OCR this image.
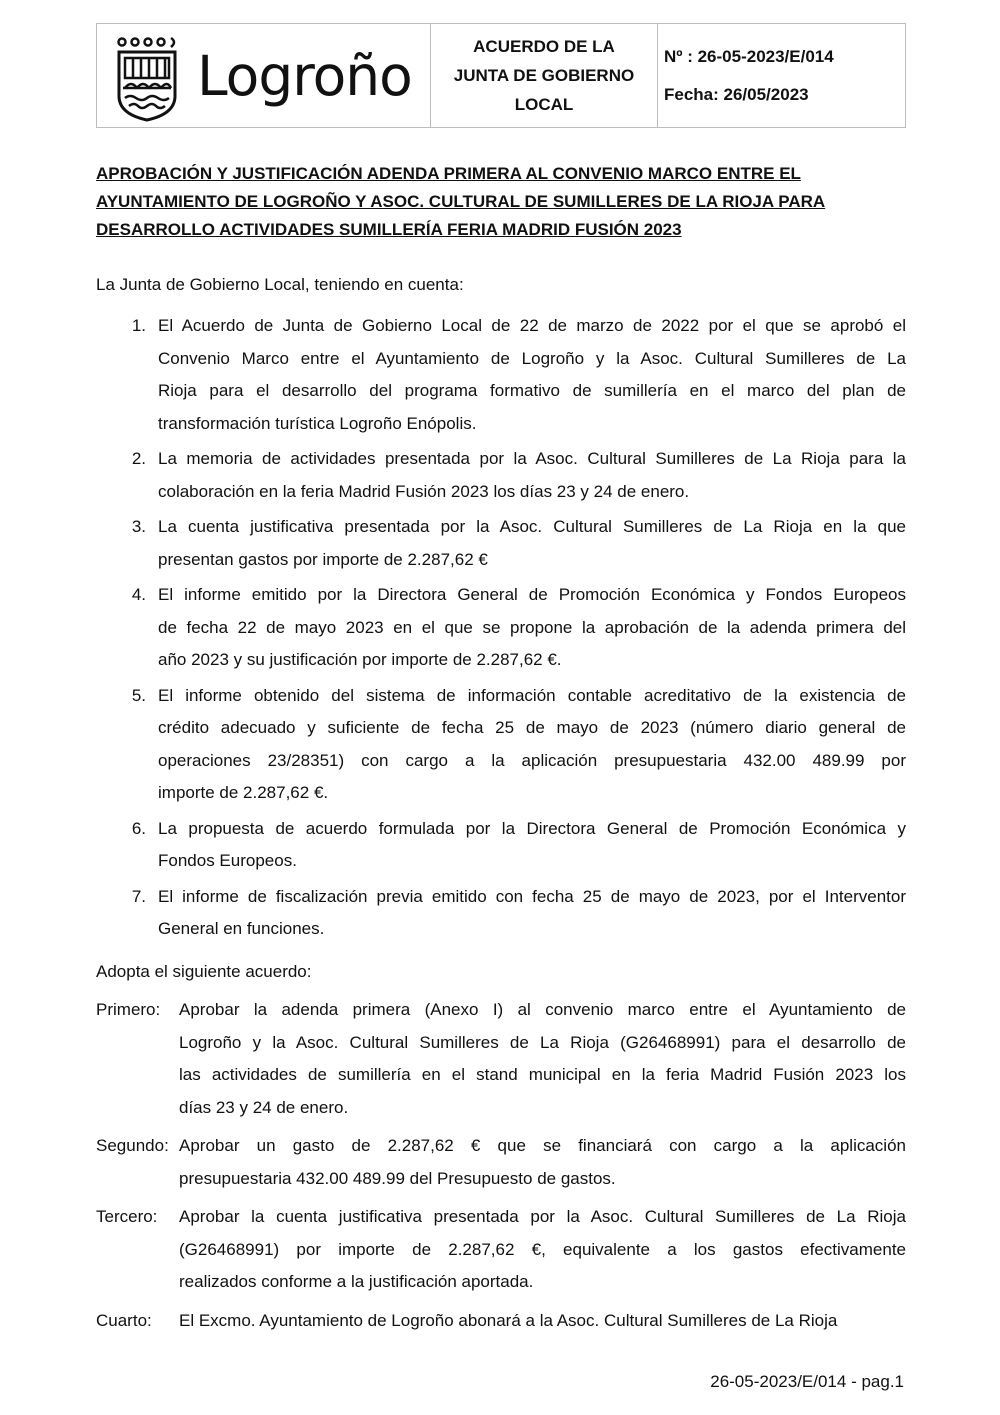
Logroño	ACUERDO DE LA
JUNTA DE GOBIERNO
LOCAL
Nº : 26-05-2023/E/014
Fecha: 26/05/2023
APROBACIÓN Y JUSTIFICACIÓN ADENDA PRIMERA AL CONVENIO MARCO ENTRE EL
AYUNTAMIENTO DE LOGROÑO Y ASOC. CULTURAL DE SUMILLERES DE LA RIOJA PARA
DESARROLLO ACTIVIDADES SUMILLERÍA FERIA MADRID FUSIÓN 2023
La Junta de Gobierno Local, teniendo en cuenta:
1. El Acuerdo de Junta de Gobierno Local de 22 de marzo de 2022 por el que se aprobó el
Convenio Marco entre el Ayuntamiento de Logroño y la Asoc. Cultural Sumilleres de La
Rioja para el desarrollo del programa formativo de sumillería en el marco del plan de
transformación turística Logroño Enópolis.
2. La memoria de actividades presentada por la Asoc. Cultural Sumilleres de La Rioja para la
colaboración en la feria Madrid Fusión 2023 los días 23 y 24 de enero.
3. La cuenta justificativa presentada por la Asoc. Cultural Sumilleres de La Rioja en la que
presentan gastos por importe de 2.287,62 €
4. El informe emitido por la Directora General de Promoción Económica y Fondos Europeos
de fecha 22 de mayo 2023 en el que se propone la aprobación de la adenda primera del
año 2023 y su justificación por importe de 2.287,62 €.
5. El informe obtenido del sistema de información contable acreditativo de la existencia de
crédito adecuado y suficiente de fecha 25 de mayo de 2023 (número diario general de
operaciones 23/28351) con cargo a la aplicación presupuestaria 432.00 489.99 por
importe de 2.287,62 €.
6. La propuesta de acuerdo formulada por la Directora General de Promoción Económica y
Fondos Europeos.
7. El informe de fiscalización previa emitido con fecha 25 de mayo de 2023, por el Interventor
General en funciones.
Adopta el siguiente acuerdo:
Primero:	Aprobar la adenda primera (Anexo I) al convenio marco entre el Ayuntamiento de
Logroño y la Asoc. Cultural Sumilleres de La Rioja (G26468991) para el desarrollo de
las actividades de sumillería en el stand municipal en la feria Madrid Fusión 2023 los
días 23 y 24 de enero.
Segundo: Aprobar un gasto de 2.287,62 € que se financiará con cargo a la aplicación
presupuestaria 432.00 489.99 del Presupuesto de gastos.
Tercero:	Aprobar la cuenta justificativa presentada por la Asoc. Cultural Sumilleres de La Rioja
(G26468991) por importe de 2.287,62 €, equivalente a los gastos efectivamente
realizados conforme a la justificación aportada.
Cuarto:	El Excmo. Ayuntamiento de Logroño abonará a la Asoc. Cultural Sumilleres de La Rioja
26-05-2023/E/014 - pag.1
